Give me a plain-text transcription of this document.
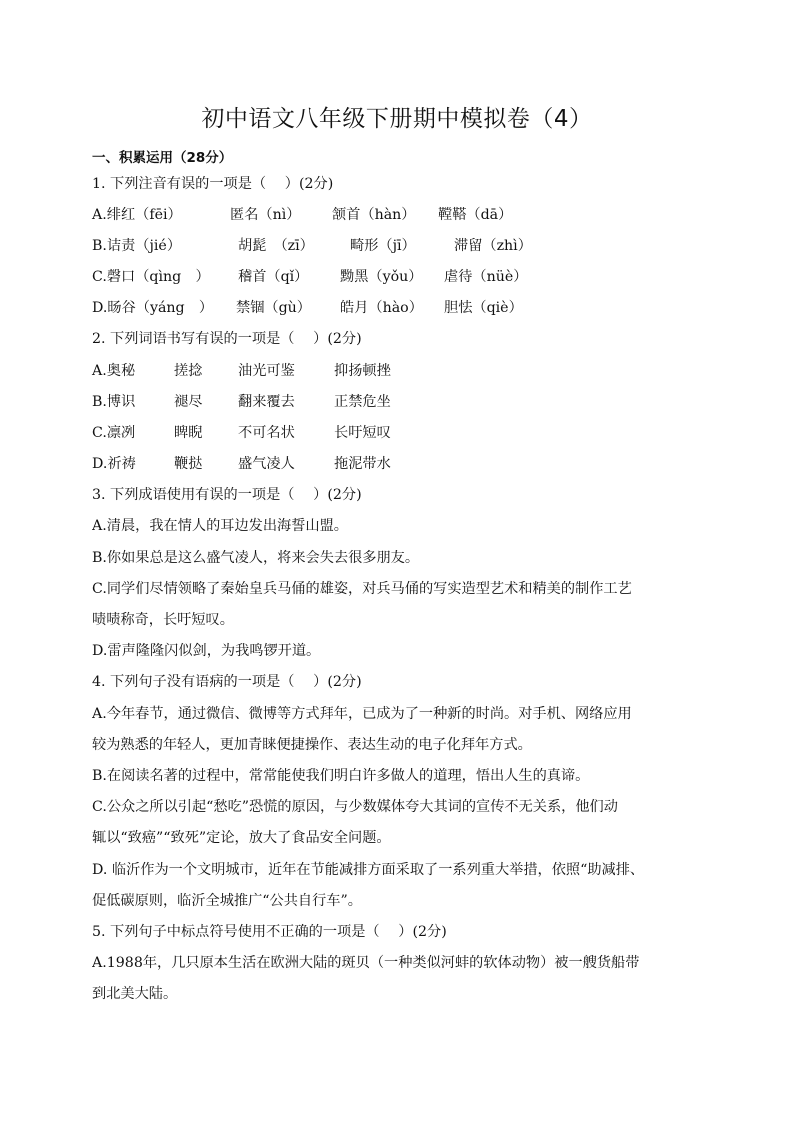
初中语文八年级下册期中模拟卷（4）
一、积累运用（28分）
1. 下列注音有误的一项是（　 ）(2分)
A.绯红（fēi）	匿名（nì） 颔首（hàn） 鞺鞳（dā）
B.诘责（jié）	胡髭　（zī）	畸形（jī）	滞留（zhì）
C.磬口（qìng　） 稽首（qǐ） 黝黑（yǒu） 虐待（nüè）
D.旸谷（yáng　） 禁锢（gù） 皓月（hào） 胆怯（qiè）
2. 下列词语书写有误的一项是（　 ）(2分)
A.奥秘	搓捻	油光可鉴	抑扬顿挫
B.博识	褪尽	翻来覆去	正禁危坐
C.凛冽	睥睨	不可名状	长吁短叹
D.祈祷	鞭挞	盛气凌人	拖泥带水
3. 下列成语使用有误的一项是（　 ）(2分)
A.清晨，我在情人的耳边发出海誓山盟。
B.你如果总是这么盛气凌人，将来会失去很多朋友。
C.同学们尽情领略了秦始皇兵马俑的雄姿，对兵马俑的写实造型艺术和精美的制作工艺
啧啧称奇，长吁短叹。
D.雷声隆隆闪似剑，为我鸣锣开道。
4. 下列句子没有语病的一项是（　 ）(2分)
A.今年春节，通过微信、微博等方式拜年，已成为了一种新的时尚。对手机、网络应用
较为熟悉的年轻人，更加青睐便捷操作、表达生动的电子化拜年方式。
B.在阅读名著的过程中，常常能使我们明白许多做人的道理，悟出人生的真谛。
C.公众之所以引起“愁吃”恐慌的原因，与少数媒体夸大其词的宣传不无关系，他们动
辄以“致癌”“致死”定论，放大了食品安全问题。
D. 临沂作为一个文明城市，近年在节能减排方面采取了一系列重大举措，依照“助减排、
促低碳原则，临沂全城推广“公共自行车”。
5. 下列句子中标点符号使用不正确的一项是（　 ）(2分)
A.1988年，几只原本生活在欧洲大陆的斑贝（一种类似河蚌的软体动物）被一艘货船带
到北美大陆。
